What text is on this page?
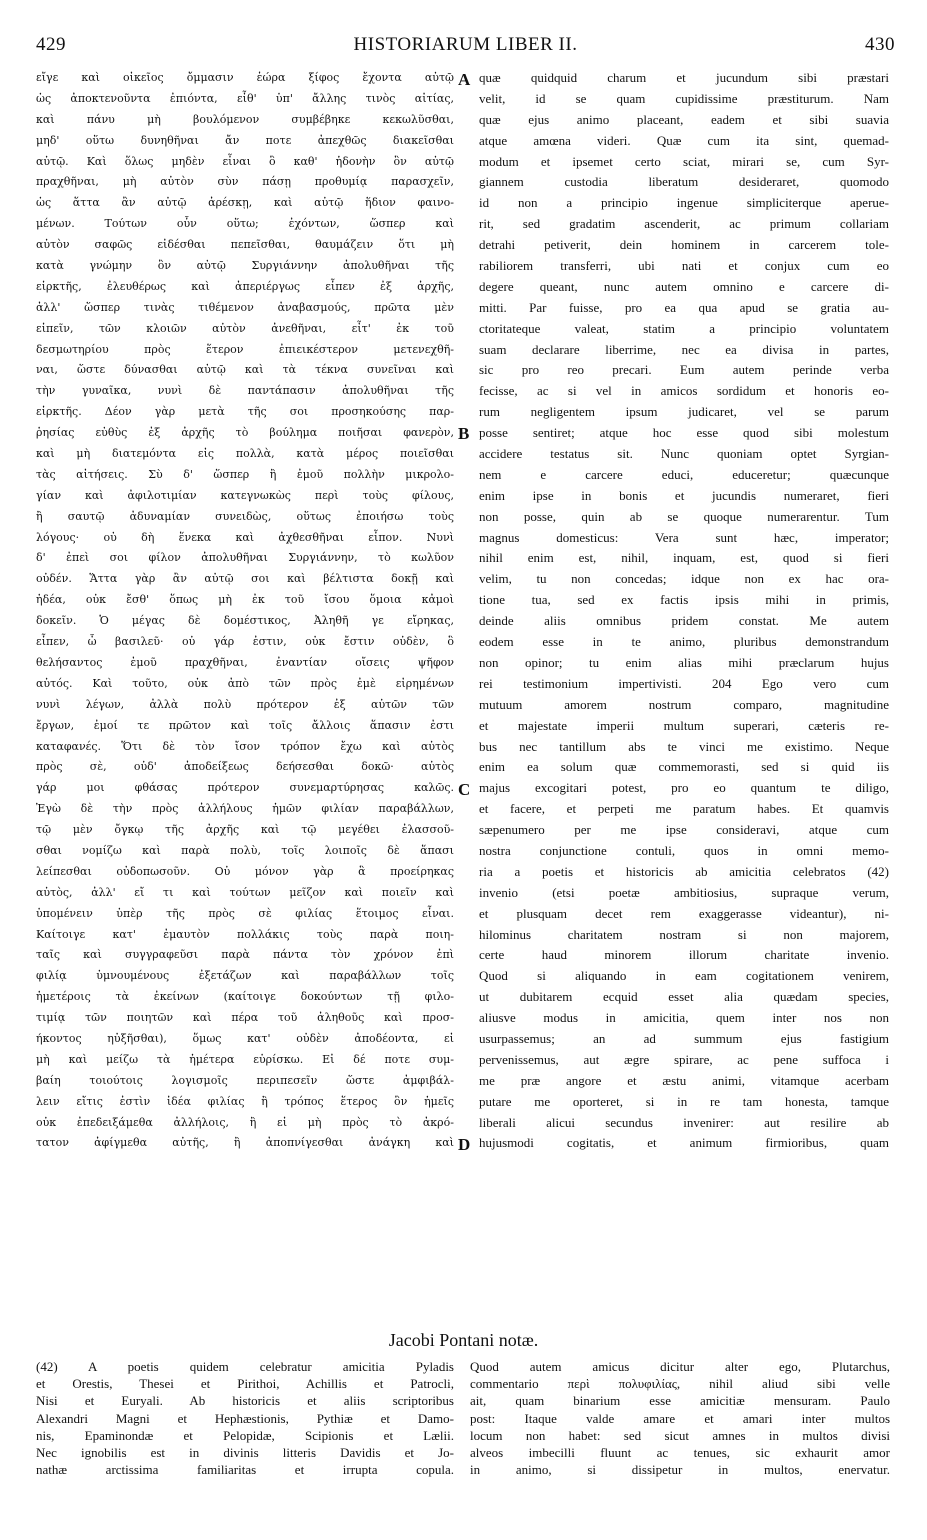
429	HISTORIARUM LIBER II.	430
εἴγε καὶ οἰκεῖος ὄμμασιν ἑώρα ξίφος ἔχοντα αὐτῷ
ὡς ἀποκτενοῦντα ἐπιόντα, εἶθ' ὑπ' ἄλλης τινὸς αἰτίας,
καὶ πάνυ μὴ βουλόμενον συμβέβηκε κεκωλῦσθαι,
μηδ' οὕτω δυνηθῆναι ἄν ποτε ἀπεχθῶς διακεῖσθαι
αὐτῷ. Καὶ ὅλως μηδὲν εἶναι ὃ καθ' ἡδονὴν ὂν αὐτῷ
πραχθῆναι, μὴ αὐτὸν σὺν πάσῃ προθυμίᾳ παρασχεῖν,
ὡς ἅττα ἂν αὐτῷ ἀρέσκῃ, καὶ αὐτῷ ἥδιον φαινο-
μένων. Τούτων οὖν οὕτω; ἐχόντων, ὥσπερ καὶ
αὐτὸν σαφῶς εἰδέσθαι πεπεῖσθαι, θαυμάζειν ὅτι μὴ
κατὰ γνώμην ὂν αὐτῷ Συργιάννην ἀπολυθῆναι τῆς
εἱρκτῆς, ἐλευθέρως καὶ ἀπεριέργως εἶπεν ἐξ ἀρχῆς,
ἀλλ' ὥσπερ τινὰς τιθέμενον ἀναβασμούς, πρῶτα μὲν
εἰπεῖν, τῶν κλοιῶν αὐτὸν ἀνεθῆναι, εἶτ' ἐκ τοῦ
δεσμωτηρίου πρὸς ἕτερον ἐπιεικέστερον μετενεχθῆ-
ναι, ὥστε δύνασθαι αὐτῷ καὶ τὰ τέκνα συνεῖναι καὶ
τὴν γυναῖκα, νυνὶ δὲ παντάπασιν ἀπολυθῆναι τῆς
εἱρκτῆς. Δέον γὰρ μετὰ τῆς σοι προσηκούσης παρ-
ῥησίας εὐθὺς ἐξ ἀρχῆς τὸ βούλημα ποιῆσαι φανερὸν,
καὶ μὴ διατεμόντα εἰς πολλὰ, κατὰ μέρος ποιεῖσθαι
τὰς αἰτήσεις. Σὺ δ' ὥσπερ ἢ ἐμοῦ πολλὴν μικρολο-
γίαν καὶ ἀφιλοτιμίαν κατεγνωκὼς περὶ τοὺς φίλους,
ἢ σαυτῷ ἀδυναμίαν συνειδὼς, οὕτως ἐποιήσω τοὺς
λόγους· οὐ δὴ ἕνεκα καὶ ἀχθεσθῆναι εἶπον. Νυνὶ
δ' ἐπεὶ σοι φίλον ἀπολυθῆναι Συργιάννην, τὸ κωλῦον
οὐδέν. Ἅττα γὰρ ἂν αὐτῷ σοι καὶ βέλτιστα δοκῇ καὶ
ἡδέα, οὐκ ἔσθ' ὅπως μὴ ἐκ τοῦ ἴσου ὅμοια κἀμοὶ
δοκεῖν. Ὁ μέγας δὲ δομέστικος, Ἀληθῆ γε εἴρηκας,
εἶπεν, ὦ βασιλεῦ· οὐ γάρ ἐστιν, οὐκ ἔστιν οὐδὲν, ὃ
θελήσαντος ἐμοῦ πραχθῆναι, ἐναντίαν οἴσεις ψῆφον
αὐτός. Καὶ τοῦτο, οὐκ ἀπὸ τῶν πρὸς ἐμὲ εἰρημένων
νυνὶ λέγων, ἀλλὰ πολὺ πρότερον ἐξ αὐτῶν τῶν
ἔργων, ἐμοί τε πρῶτον καὶ τοῖς ἄλλοις ἅπασιν ἐστι
καταφανές. Ὅτι δὲ τὸν ἴσον τρόπον ἔχω καὶ αὐτὸς
πρὸς σὲ, οὐδ' ἀποδείξεως δεήσεσθαι δοκῶ· αὐτὸς
γάρ μοι φθάσας πρότερον συνεμαρτύρησας καλῶς.
Ἐγὼ δὲ τὴν πρὸς ἀλλήλους ἡμῶν φιλίαν παραβάλλων,
τῷ μὲν ὄγκῳ τῆς ἀρχῆς καὶ τῷ μεγέθει ἐλασσοῦ-
σθαι νομίζω καὶ παρὰ πολὺ, τοῖς λοιποῖς δὲ ἅπασι
λείπεσθαι οὐδοπωσοῦν. Οὐ μόνον γὰρ ἃ προείρηκας
αὐτὸς, ἀλλ' εἴ τι καὶ τούτων μεῖζον καὶ ποιεῖν καὶ
ὑπομένειν ὑπὲρ τῆς πρὸς σὲ φιλίας ἕτοιμος εἶναι.
Καίτοιγε κατ' ἐμαυτὸν πολλάκις τοὺς παρὰ ποιη-
ταῖς καὶ συγγραφεῦσι παρὰ πάντα τὸν χρόνον ἐπὶ
φιλίᾳ ὑμνουμένους ἐξετάζων καὶ παραβάλλων τοῖς
ἡμετέροις τὰ ἐκείνων (καίτοιγε δοκούντων τῇ φιλο-
τιμίᾳ τῶν ποιητῶν καὶ πέρα τοῦ ἀληθοῦς καὶ προσ-
ήκοντος ηὐξῆσθαι), ὅμως κατ' οὐδὲν ἀποδέοντα, εἰ
μὴ καὶ μείζω τὰ ἡμέτερα εὑρίσκω. Εἰ δέ ποτε συμ-
βαίη τοιούτοις λογισμοῖς περιπεσεῖν ὥστε ἀμφιβάλ-
λειν εἴτις ἐστὶν ἰδέα φιλίας ἢ τρόπος ἕτερος ὃν ἡμεῖς
οὐκ ἐπεδειξάμεθα ἀλλήλοις, ἢ εἰ μὴ πρὸς τὸ ἀκρό-
τατον ἀφίγμεθα αὐτῆς, ἢ ἀποπνίγεσθαι ἀνάγκη καὶ
quæ quidquid charum et jucundum sibi præstari
velit, id se quam cupidissime præstiturum. Nam
quæ ejus animo placeant, eadem et sibi suavia
atque amœna videri. Quæ cum ita sint, quemad-
modum et ipsemet certo sciat, mirari se, cum Syr-
giannem custodia liberatum desideraret, quomodo
id non a principio ingenue simpliciterque aperue-
rit, sed gradatim ascenderit, ac primum collariam
detrahi petiverit, dein hominem in carcerem tole-
rabiliorem transferri, ubi nati et conjux cum eo
degere queant, nunc autem omnino e carcere di-
mitti. Par fuisse, pro ea qua apud se gratia au-
ctoritateque valeat, statim a principio voluntatem
suam declarare liberrime, nec ea divisa in partes,
sic pro reo precari. Eum autem perinde verba
fecisse, ac si vel in amicos sordidum et honoris eo-
rum negligentem ipsum judicaret, vel se parum
posse sentiret; atque hoc esse quod sibi molestum
accidere testatus sit. Nunc quoniam optet Syrgian-
nem e carcere educi, educeretur; quæcunque
enim ipse in bonis et jucundis numeraret, fieri
non posse, quin ab se quoque numerarentur. Tum
magnus domesticus: Vera sunt hæc, imperator;
nihil enim est, nihil, inquam, est, quod si fieri
velim, tu non concedas; idque non ex hac ora-
tione tua, sed ex factis ipsis mihi in primis,
deinde aliis omnibus pridem constat. Me autem
eodem esse in te animo, pluribus demonstrandum
non opinor; tu enim alias mihi præclarum hujus
rei testimonium impertivisti. 204 Ego vero cum
mutuum amorem nostrum comparo, magnitudine
et majestate imperii multum superari, cæteris re-
bus nec tantillum abs te vinci me existimo. Neque
enim ea solum quæ commemorasti, sed si quid iis
majus excogitari potest, pro eo quantum te diligo,
et facere, et perpeti me paratum habes. Et quamvis
sæpenumero per me ipse consideravi, atque cum
nostra conjunctione contuli, quos in omni memo-
ria a poetis et historicis ab amicitia celebratos (42)
invenio (etsi poetæ ambitiosius, supraque verum,
et plusquam decet rem exaggerasse videantur), ni-
hilominus charitatem nostram si non majorem,
certe haud minorem illorum charitate invenio.
Quod si aliquando in eam cogitationem venirem,
ut dubitarem ecquid esset alia quædam species,
aliusve modus in amicitia, quem inter nos non
usurpassemus; an ad summum ejus fastigium
pervenissemus, aut ægre spirare, ac pene suffoca i
me præ angore et æstu animi, vitamque acerbam
putare me oporteret, si in re tam honesta, tamque
liberali alicui secundus invenirer: aut resilire ab
hujusmodi cogitatis, et animum firmioribus, quam
A
B
C
D
Jacobi Pontani notæ.
(42) A poetis quidem celebratur amicitia Pyladis
et Orestis, Thesei et Pirithoi, Achillis et Patrocli,
Nisi et Euryali. Ab historicis et aliis scriptoribus
Alexandri Magni et Hephæstionis, Pythiæ et Damo-
nis, Epaminondæ et Pelopidæ, Scipionis et Lælii.
Nec ignobilis est in divinis litteris Davidis et Jo-
nathæ arctissima familiaritas et irrupta copula.
Quod autem amicus dicitur alter ego, Plutarchus,
commentario περὶ πολυφιλίας, nihil aliud sibi velle
ait, quam binarium esse amicitiæ mensuram. Paulo
post: Itaque valde amare et amari inter multos
locum non habet: sed sicut amnes in multos divisi
alveos imbecilli fluunt ac tenues, sic exhaurit amor
in animo, si dissipetur in multos, enervatur.
